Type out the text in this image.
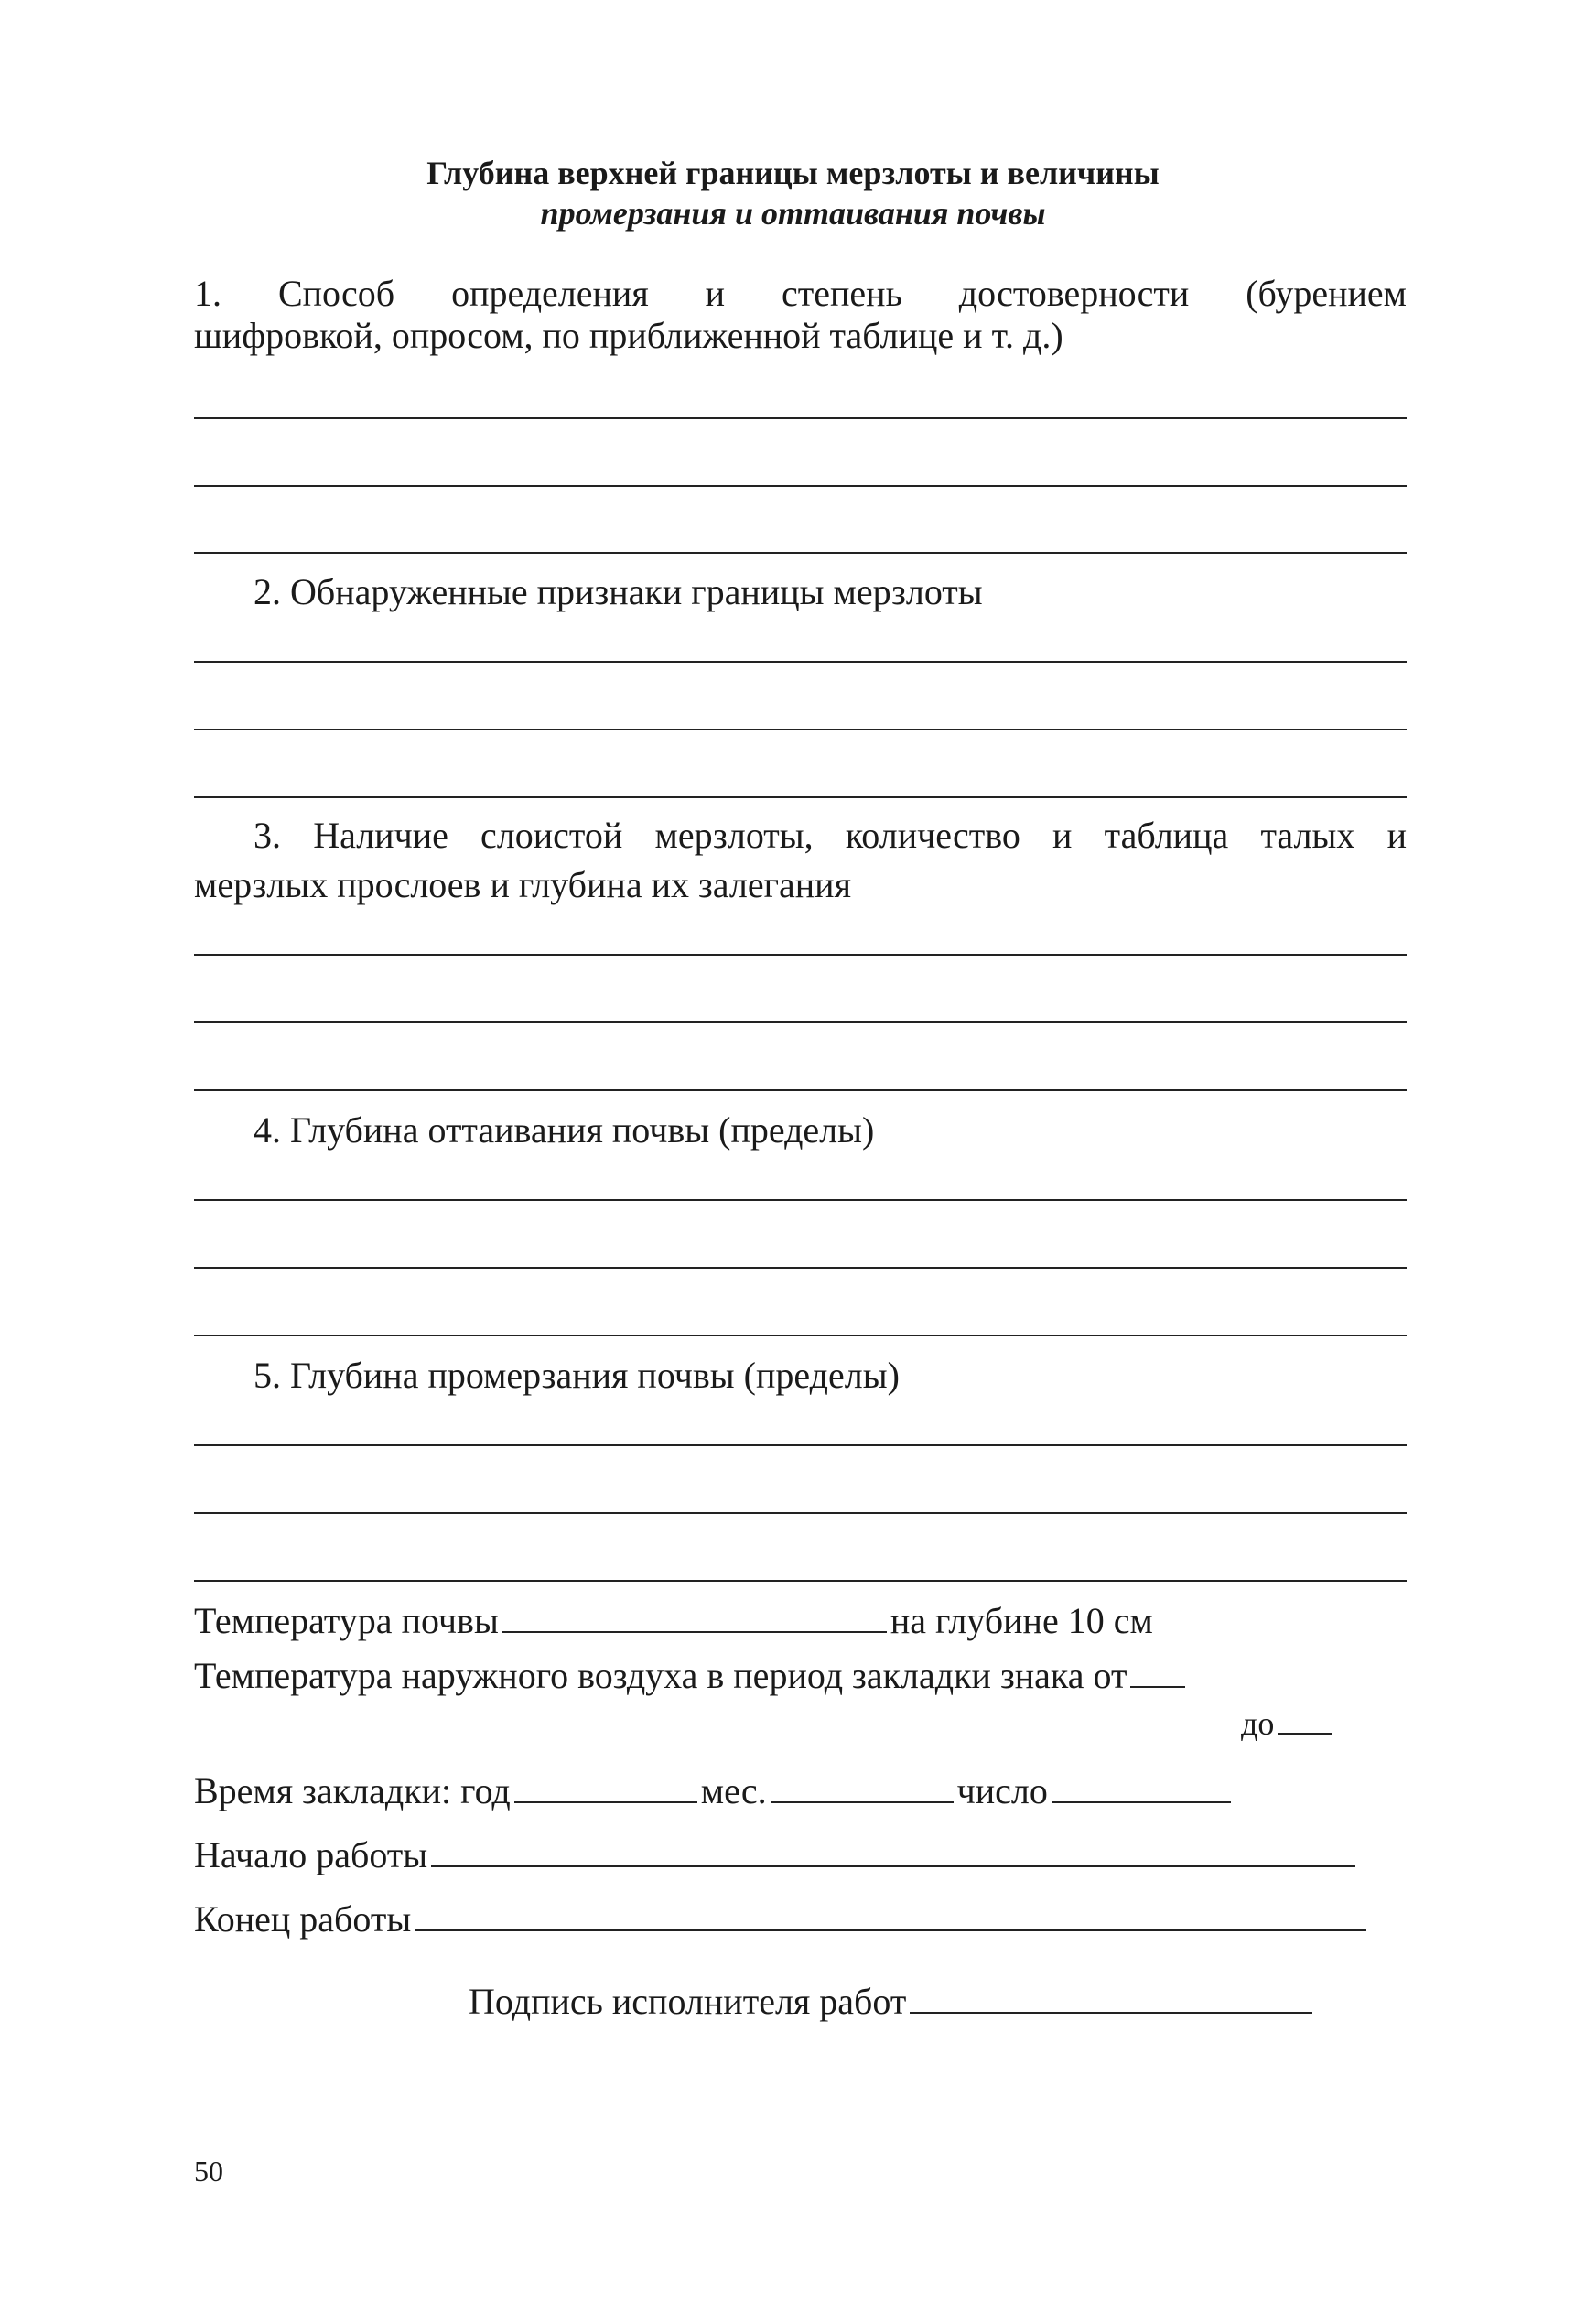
Глубина верхней границы мерзлоты и величины
промерзания и оттаивания почвы
1. Способ определения и степень достоверности (бурением
шифровкой, опросом, по приближенной таблице и т. д.)
2. Обнаруженные признаки границы мерзлоты
3. Наличие слоистой мерзлоты, количество и таблица талых и
мерзлых прослоев и глубина их залегания
4. Глубина оттаивания почвы (пределы)
5. Глубина промерзания почвы (пределы)
Температура почвы	на глубине 10 см
Температура наружного воздуха в период закладки знака от
до
Время закладки: год	мес.	число
Начало работы
Конец работы
Подпись исполнителя работ
50
